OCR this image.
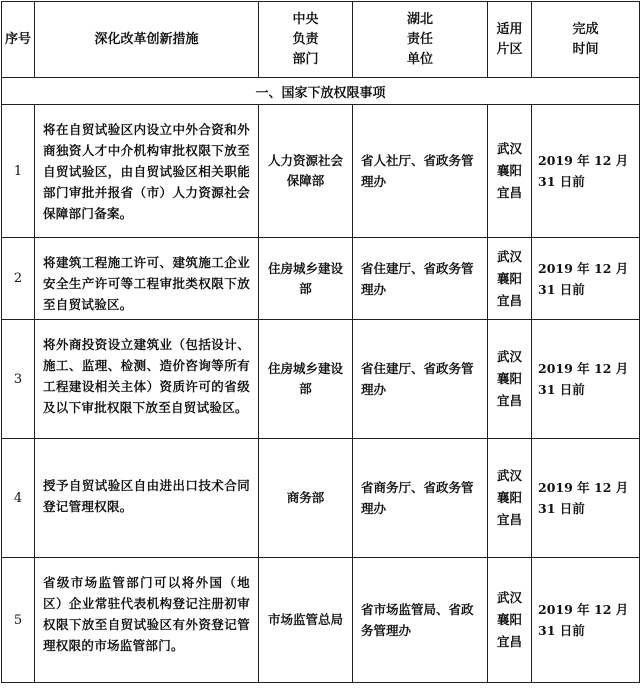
序号	深化改革创新措施	中央
负责
部门	湖北
责任
单位	适用
片区	完成
时间

一、国家下放权限事项					
1	将在自贸试验区内设立中外合资和外商独资人才中介机构审批权限下放至自贸试验区，由自贸试验区相关职能部门审批并报省（市）人力资源社会保障部门备案。	人力资源社会保障部	省人社厅、省政务管理办	武汉
襄阳
宜昌	2019 年 12 月 31 日前
2	将建筑工程施工许可、建筑施工企业安全生产许可等工程审批类权限下放至自贸试验区。	住房城乡建设部	省住建厅、省政务管理办	武汉
襄阳
宜昌	2019 年 12 月 31 日前
3	将外商投资设立建筑业（包括设计、施工、监理、检测、造价咨询等所有工程建设相关主体）资质许可的省级及以下审批权限下放至自贸试验区。	住房城乡建设部	省住建厅、省政务管理办	武汉
襄阳
宜昌	2019 年 12 月 31 日前
4	授予自贸试验区自由进出口技术合同登记管理权限。	商务部	省商务厅、省政务管理办	武汉
襄阳
宜昌	2019 年 12 月 31 日前
5	省级市场监管部门可以将外国（地区）企业常驻代表机构登记注册初审权限下放至自贸试验区有外资登记管理权限的市场监管部门。	市场监管总局	省市场监管局、省政务管理办	武汉
襄阳
宜昌	2019 年 12 月 31 日前
